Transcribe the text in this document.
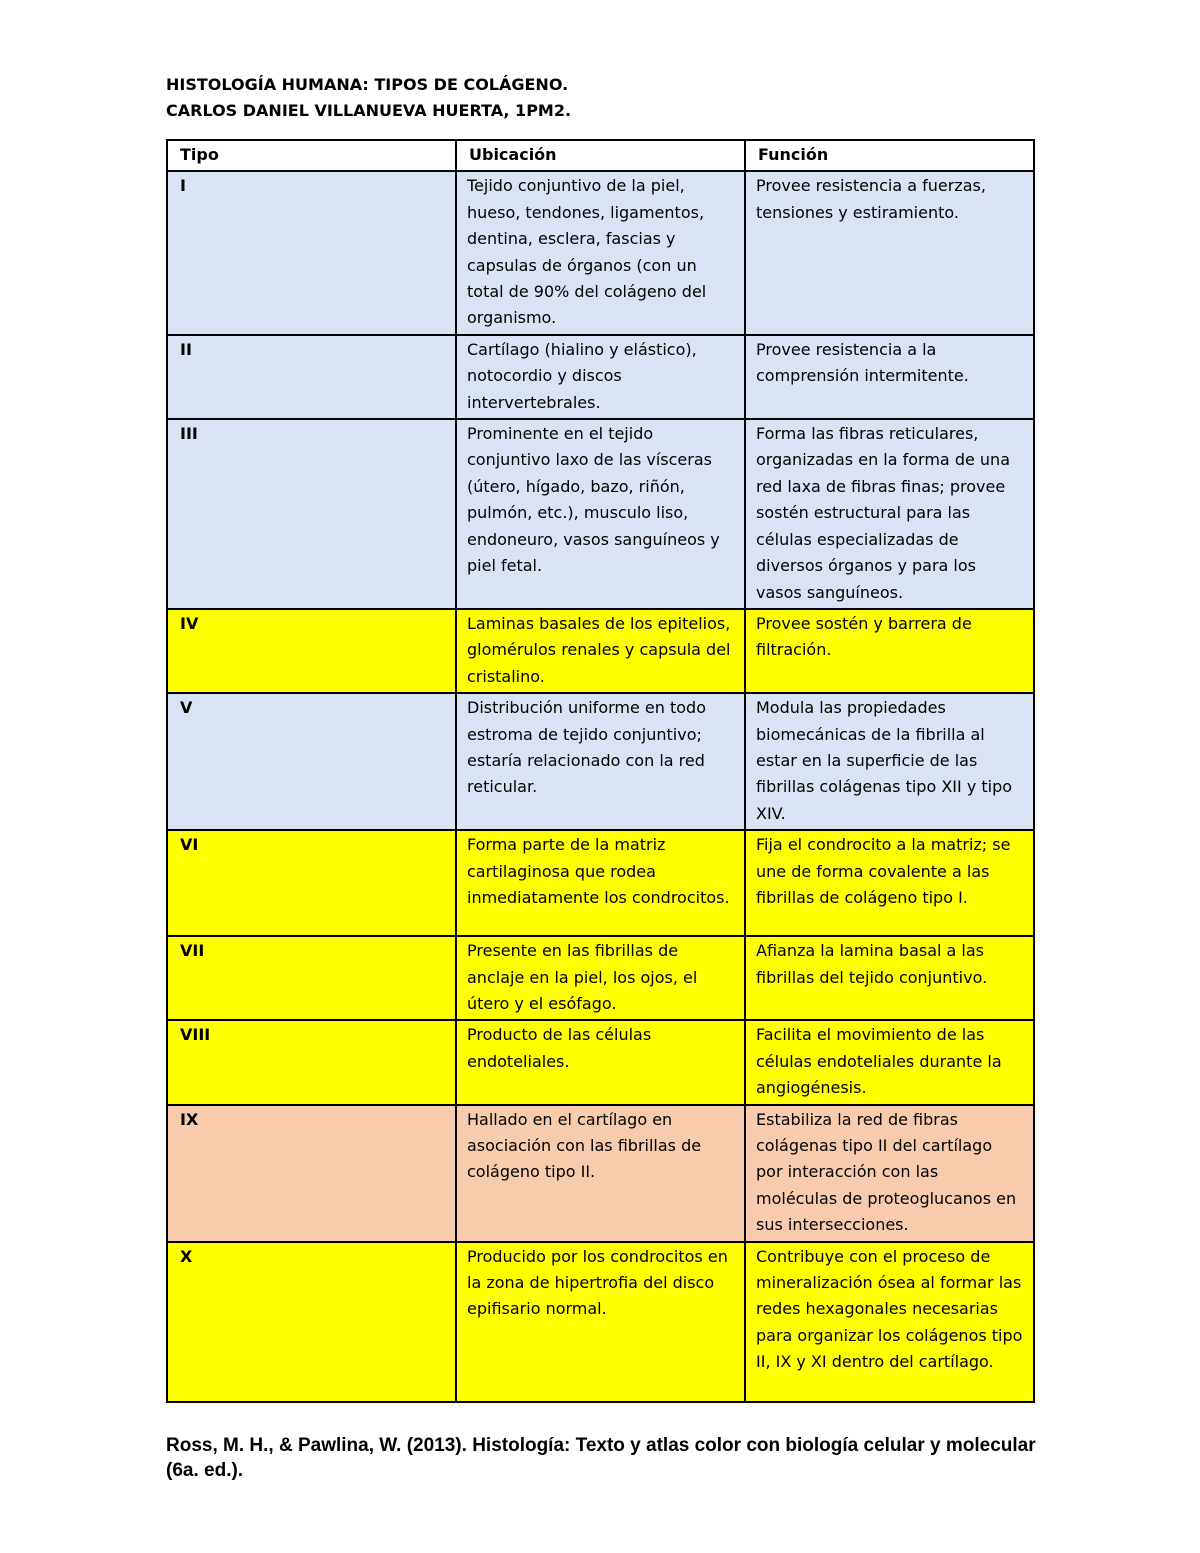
HISTOLOGÍA HUMANA: TIPOS DE COLÁGENO.
CARLOS DANIEL VILLANUEVA HUERTA, 1PM2.
Tipo	Ubicación	Función
I	Tejido conjuntivo de la piel, hueso, tendones, ligamentos, dentina, esclera, fascias y capsulas de órganos (con un total de 90% del colágeno del organismo.	Provee resistencia a fuerzas, tensiones y estiramiento.
II	Cartílago (hialino y elástico), notocordio y discos intervertebrales.	Provee resistencia a la comprensión intermitente.
III	Prominente en el tejido conjuntivo laxo de las vísceras (útero, hígado, bazo, riñón, pulmón, etc.), musculo liso, endoneuro, vasos sanguíneos y piel fetal.	Forma las fibras reticulares, organizadas en la forma de una red laxa de fibras finas; provee sostén estructural para las células especializadas de diversos órganos y para los vasos sanguíneos.
IV	Laminas basales de los epitelios, glomérulos renales y capsula del cristalino.	Provee sostén y barrera de filtración.
V	Distribución uniforme en todo estroma de tejido conjuntivo; estaría relacionado con la red reticular.	Modula las propiedades biomecánicas de la fibrilla al estar en la superficie de las fibrillas colágenas tipo XII y tipo XIV.
VI	Forma parte de la matriz cartilaginosa que rodea inmediatamente los condrocitos.	Fija el condrocito a la matriz; se une de forma covalente a las fibrillas de colágeno tipo I.
VII	Presente en las fibrillas de anclaje en la piel, los ojos, el útero y el esófago.	Afianza la lamina basal a las fibrillas del tejido conjuntivo.
VIII	Producto de las células endoteliales.	Facilita el movimiento de las células endoteliales durante la angiogénesis.
IX	Hallado en el cartílago en asociación con las fibrillas de colágeno tipo II.	Estabiliza la red de fibras colágenas tipo II del cartílago por interacción con las moléculas de proteoglucanos en sus intersecciones.
X	Producido por los condrocitos en la zona de hipertrofia del disco epifisario normal.	Contribuye con el proceso de mineralización ósea al formar las redes hexagonales necesarias para organizar los colágenos tipo II, IX y XI dentro del cartílago.
Ross, M. H., & Pawlina, W. (2013). Histología: Texto y atlas color con biología celular y molecular (6a. ed.).
